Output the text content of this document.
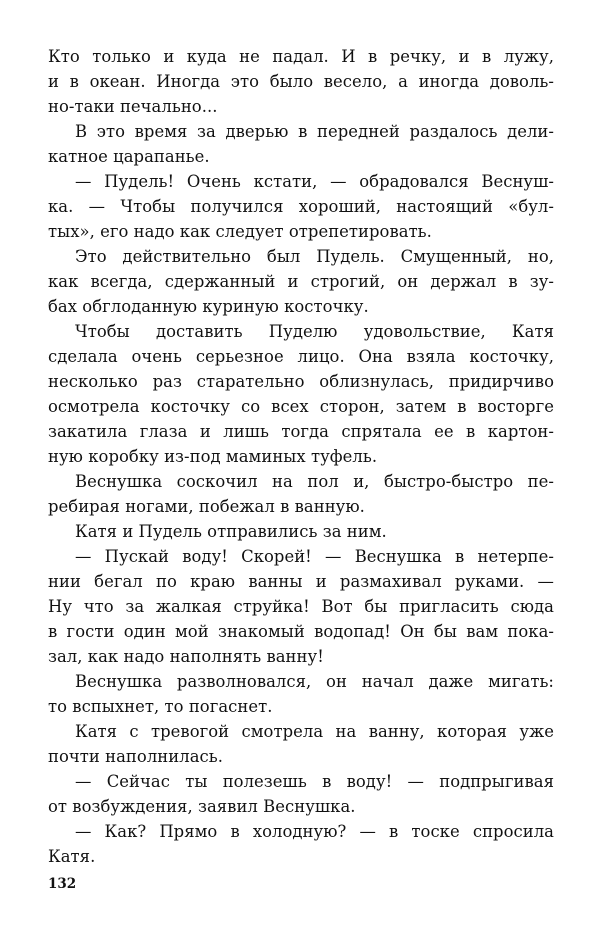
Кто только и куда не падал. И в речку, и в лужу,
и в океан. Иногда это было весело, а иногда доволь-
но-таки печально...
В это время за дверью в передней раздалось дели-
катное царапанье.
— Пудель! Очень кстати, — обрадовался Веснуш-
ка. — Чтобы получился хороший, настоящий «бул-
тых», его надо как следует отрепетировать.
Это действительно был Пудель. Смущенный, но,
как всегда, сдержанный и строгий, он держал в зу-
бах обглоданную куриную косточку.
Чтобы доставить Пуделю удовольствие, Катя
сделала очень серьезное лицо. Она взяла косточку,
несколько раз старательно облизнулась, придирчиво
осмотрела косточку со всех сторон, затем в восторге
закатила глаза и лишь тогда спрятала ее в картон-
ную коробку из-под маминых туфель.
Веснушка соскочил на пол и, быстро-быстро пе-
ребирая ногами, побежал в ванную.
Катя и Пудель отправились за ним.
— Пускай воду! Скорей! — Веснушка в нетерпе-
нии бегал по краю ванны и размахивал руками. —
Ну что за жалкая струйка! Вот бы пригласить сюда
в гости один мой знакомый водопад! Он бы вам пока-
зал, как надо наполнять ванну!
Веснушка разволновался, он начал даже мигать:
то вспыхнет, то погаснет.
Катя с тревогой смотрела на ванну, которая уже
почти наполнилась.
— Сейчас ты полезешь в воду! — подпрыгивая
от возбуждения, заявил Веснушка.
— Как? Прямо в холодную? — в тоске спросила
Катя.
132
